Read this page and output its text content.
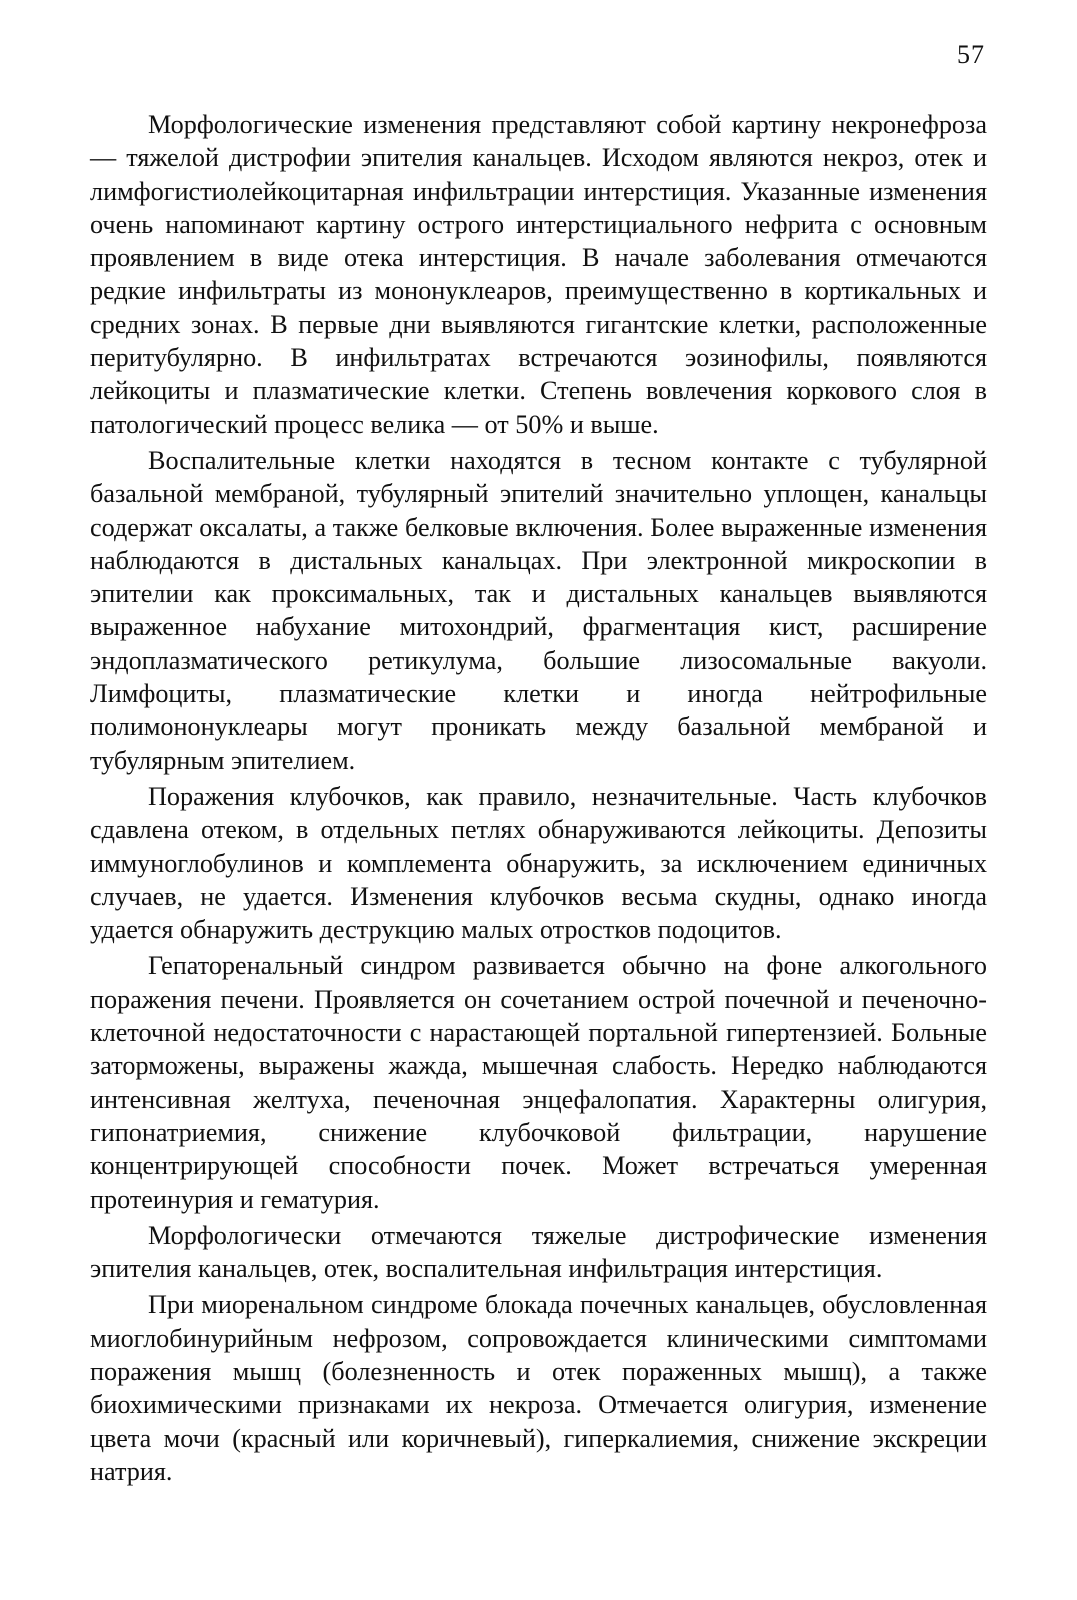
57

Морфологические изменения представляют собой картину некронефроза — тяжелой дистрофии эпителия канальцев. Исходом являются некроз, отек и лимфогистиолейкоцитарная инфильтрации интерстиция. Указанные изменения очень напоминают картину острого интерстициального нефрита с основным проявлением в виде отека интерстиция. В начале заболевания отмечаются редкие инфильтраты из мононуклеаров, преимущественно в кортикальных и средних зонах. В первые дни выявляются гигантские клетки, расположенные перитубулярно. В инфильтратах встречаются эозинофилы, появляются лейкоциты и плазматические клетки. Степень вовлечения коркового слоя в патологический процесс велика — от 50% и выше.

Воспалительные клетки находятся в тесном контакте с тубулярной базальной мембраной, тубулярный эпителий значительно уплощен, канальцы содержат оксалаты, а также белковые включения. Более выраженные изменения наблюдаются в дистальных канальцах. При электронной микроскопии в эпителии как проксимальных, так и дистальных канальцев выявляются выраженное набухание митохондрий, фрагментация кист, расширение эндоплазматического ретикулума, большие лизосомальные вакуоли. Лимфоциты, плазматические клетки и иногда нейтрофильные полимононуклеары могут проникать между базальной мембраной и тубулярным эпителием.

Поражения клубочков, как правило, незначительные. Часть клубочков сдавлена отеком, в отдельных петлях обнаруживаются лейкоциты. Депозиты иммуноглобулинов и комплемента обнаружить, за исключением единичных случаев, не удается. Изменения клубочков весьма скудны, однако иногда удается обнаружить деструкцию малых отростков подоцитов.

Гепаторенальный синдром развивается обычно на фоне алкогольного поражения печени. Проявляется он сочетанием острой почечной и печеночно-клеточной недостаточности с нарастающей портальной гипертензией. Больные заторможены, выражены жажда, мышечная слабость. Нередко наблюдаются интенсивная желтуха, печеночная энцефалопатия. Характерны олигурия, гипонатриемия, снижение клубочковой фильтрации, нарушение концентрирующей способности почек. Может встречаться умеренная протеинурия и гематурия.

Морфологически отмечаются тяжелые дистрофические изменения эпителия канальцев, отек, воспалительная инфильтрация интерстиция.

При миоренальном синдроме блокада почечных канальцев, обусловленная миоглобинурийным нефрозом, сопровождается клиническими симптомами поражения мышц (болезненность и отек пораженных мышц), а также биохимическими признаками их некроза. Отмечается олигурия, изменение цвета мочи (красный или коричневый), гиперкалиемия, снижение экскреции натрия.
